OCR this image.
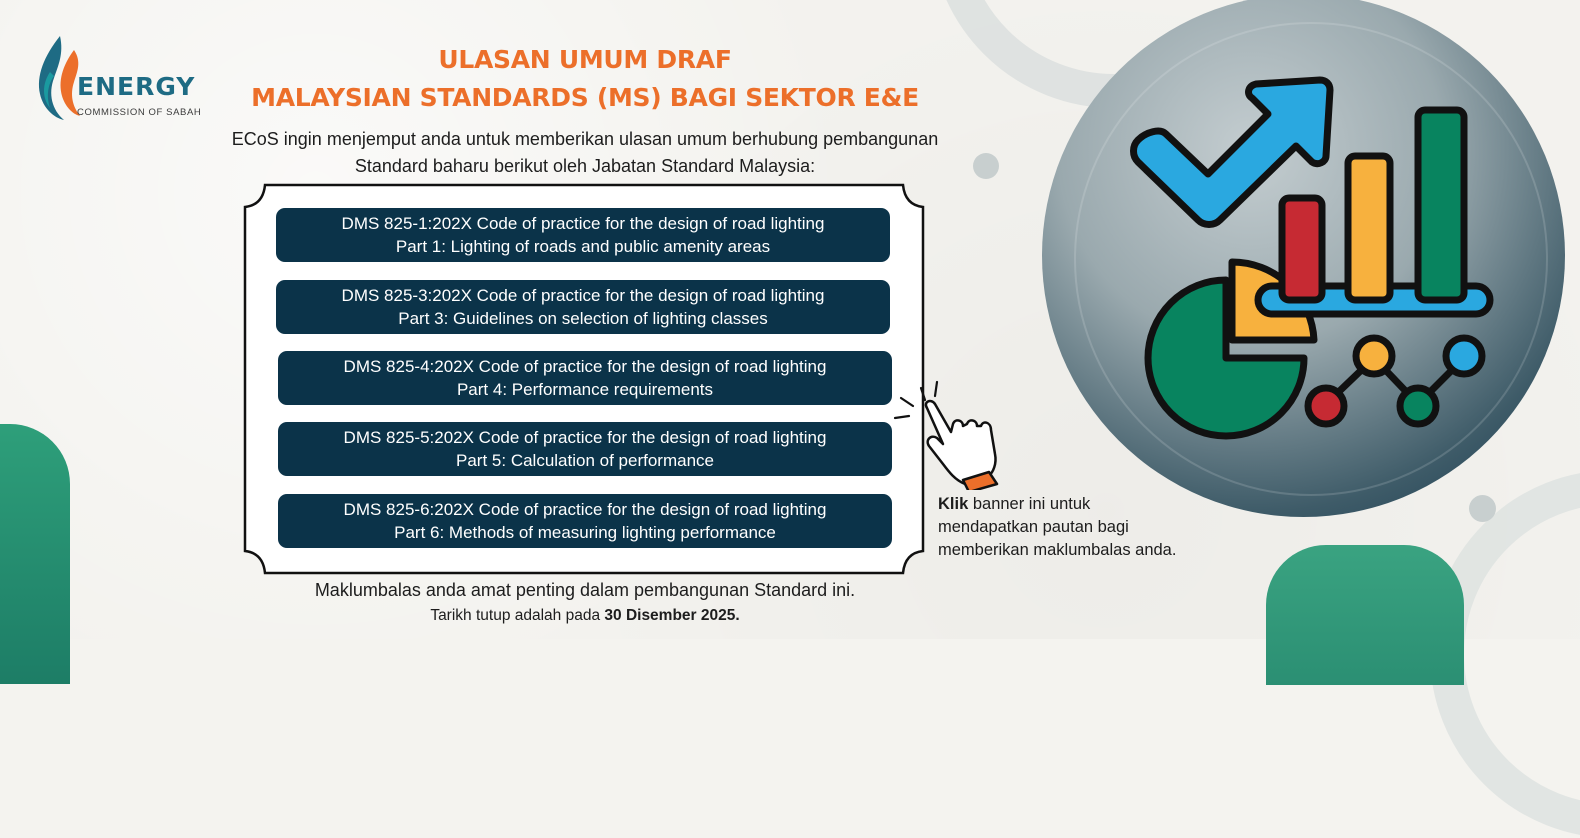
ENERGY
COMMISSION OF SABAH
ULASAN UMUM DRAF
MALAYSIAN STANDARDS (MS) BAGI SEKTOR E&E
ECoS ingin menjemput anda untuk memberikan ulasan umum berhubung pembangunan
Standard baharu berikut oleh Jabatan Standard Malaysia:
DMS 825-1:202X Code of practice for the design of road lighting
Part 1: Lighting of roads and public amenity areas
DMS 825-3:202X Code of practice for the design of road lighting
Part 3: Guidelines on selection of lighting classes
DMS 825-4:202X Code of practice for the design of road lighting
Part 4: Performance requirements
DMS 825-5:202X Code of practice for the design of road lighting
Part 5: Calculation of performance
DMS 825-6:202X Code of practice for the design of road lighting
Part 6: Methods of measuring lighting performance
Klik banner ini untuk
mendapatkan pautan bagi
memberikan maklumbalas anda.
Maklumbalas anda amat penting dalam pembangunan Standard ini.
Tarikh tutup adalah pada 30 Disember 2025.
